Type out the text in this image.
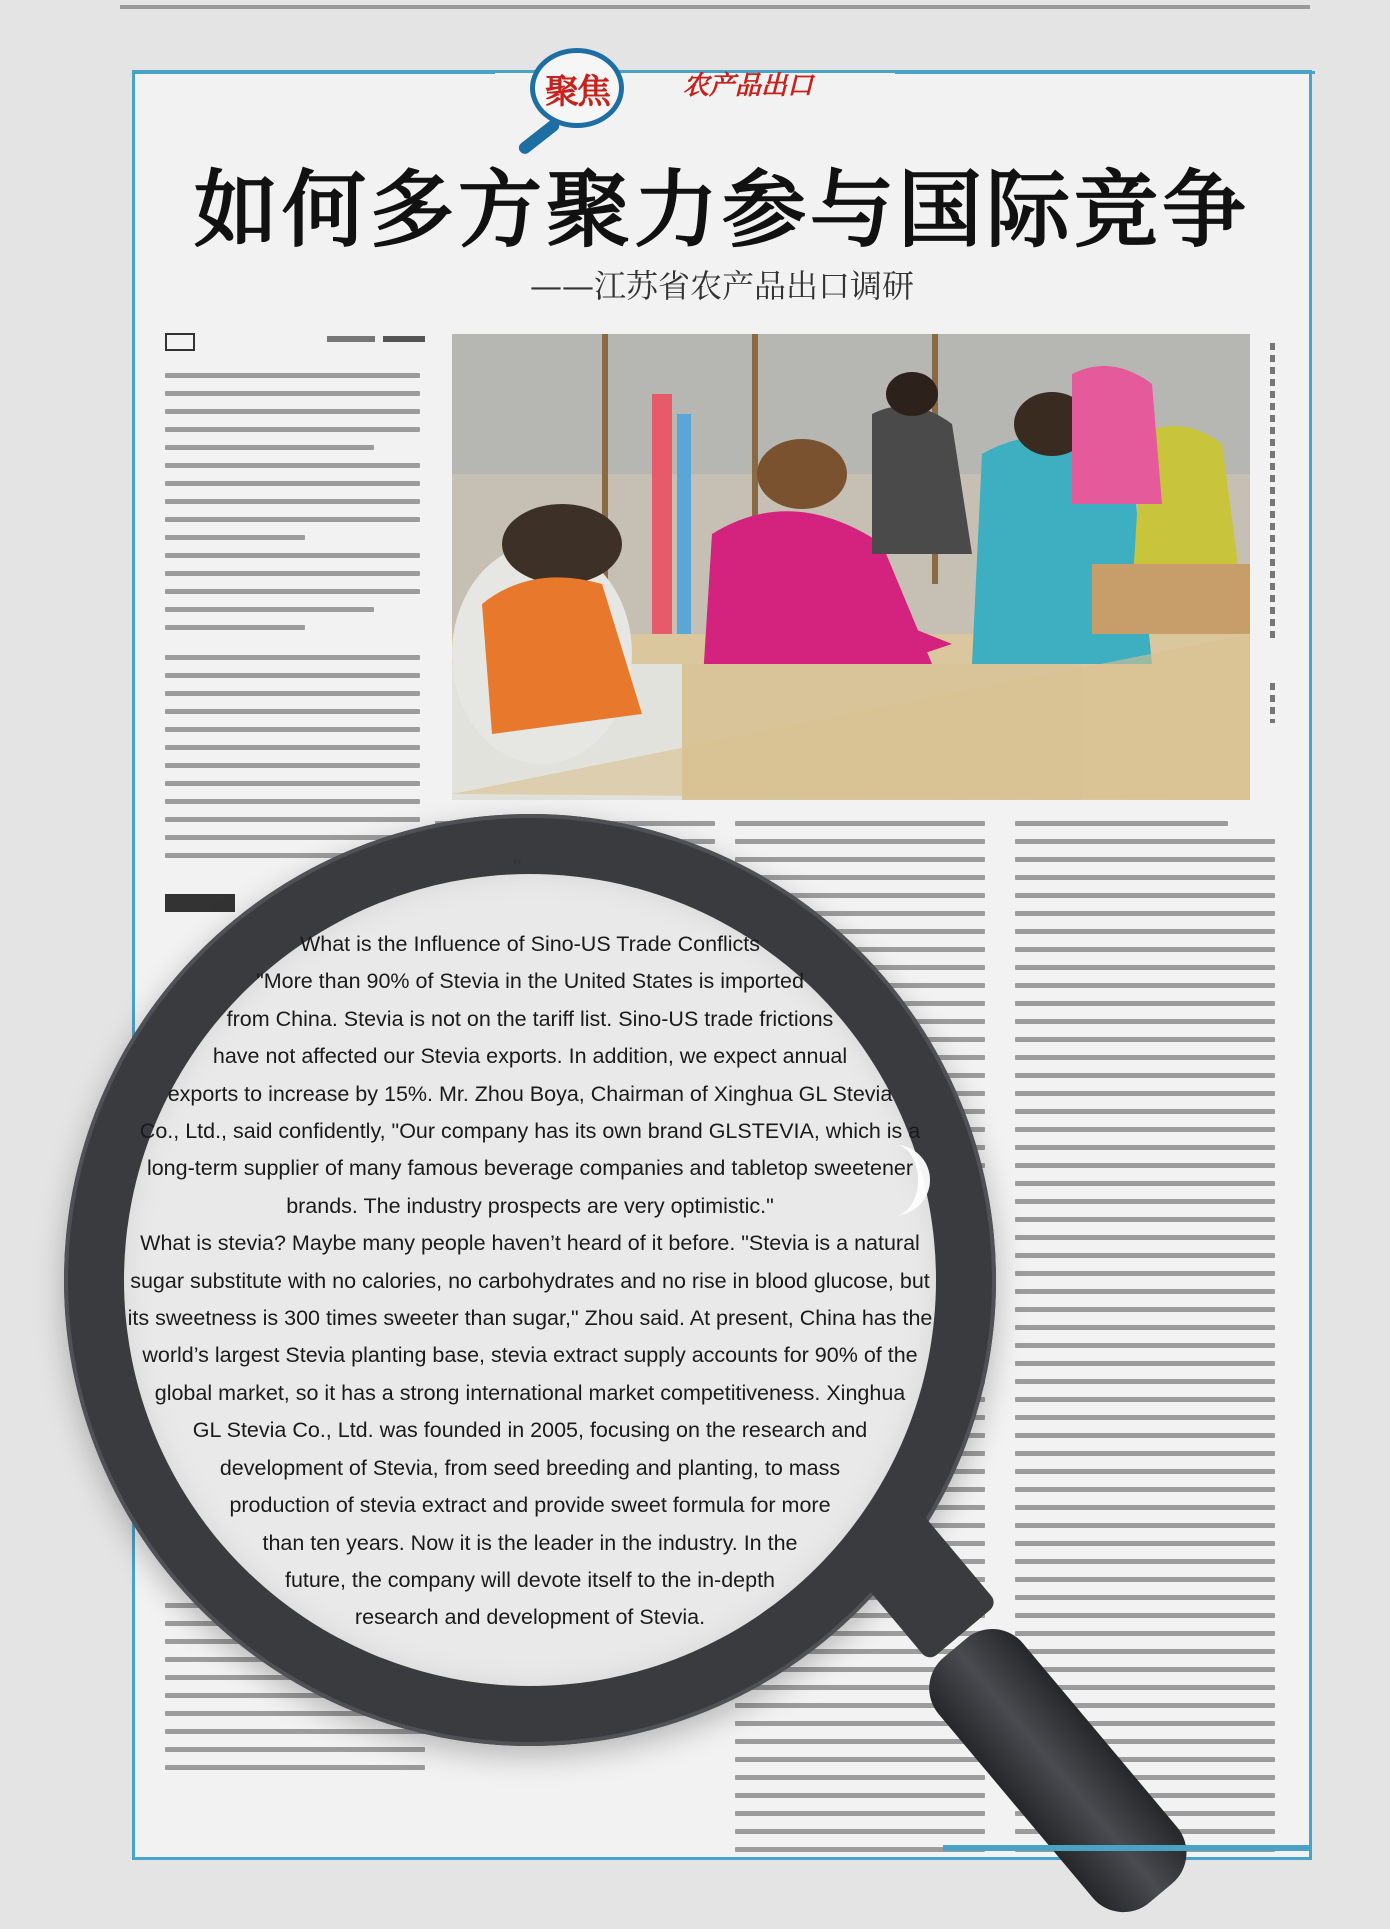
聚焦	农产品出口
如何多方聚力参与国际竞争
——江苏省农产品出口调研
“
What is the Influence of Sino-US Trade Conflicts
"More than 90% of Stevia in the United States is imported
from China. Stevia is not on the tariff list. Sino-US trade frictions
have not affected our Stevia exports. In addition, we expect annual
exports to increase by 15%. Mr. Zhou Boya, Chairman of Xinghua GL Stevia
Co., Ltd., said confidently, "Our company has its own brand GLSTEVIA, which is a
long-term supplier of many famous beverage companies and tabletop sweetener
brands. The industry prospects are very optimistic."
What is stevia? Maybe many people haven’t heard of it before. "Stevia is a natural
sugar substitute with no calories, no carbohydrates and no rise in blood glucose, but
its sweetness is 300 times sweeter than sugar," Zhou said. At present, China has the
world’s largest Stevia planting base, stevia extract supply accounts for 90% of the
global market, so it has a strong international market competitiveness. Xinghua
GL Stevia Co., Ltd. was founded in 2005, focusing on the research and
development of Stevia, from seed breeding and planting, to mass
production of stevia extract and provide sweet formula for more
than ten years. Now it is the leader in the industry. In the
future, the company will devote itself to the in-depth
research and development of Stevia.
